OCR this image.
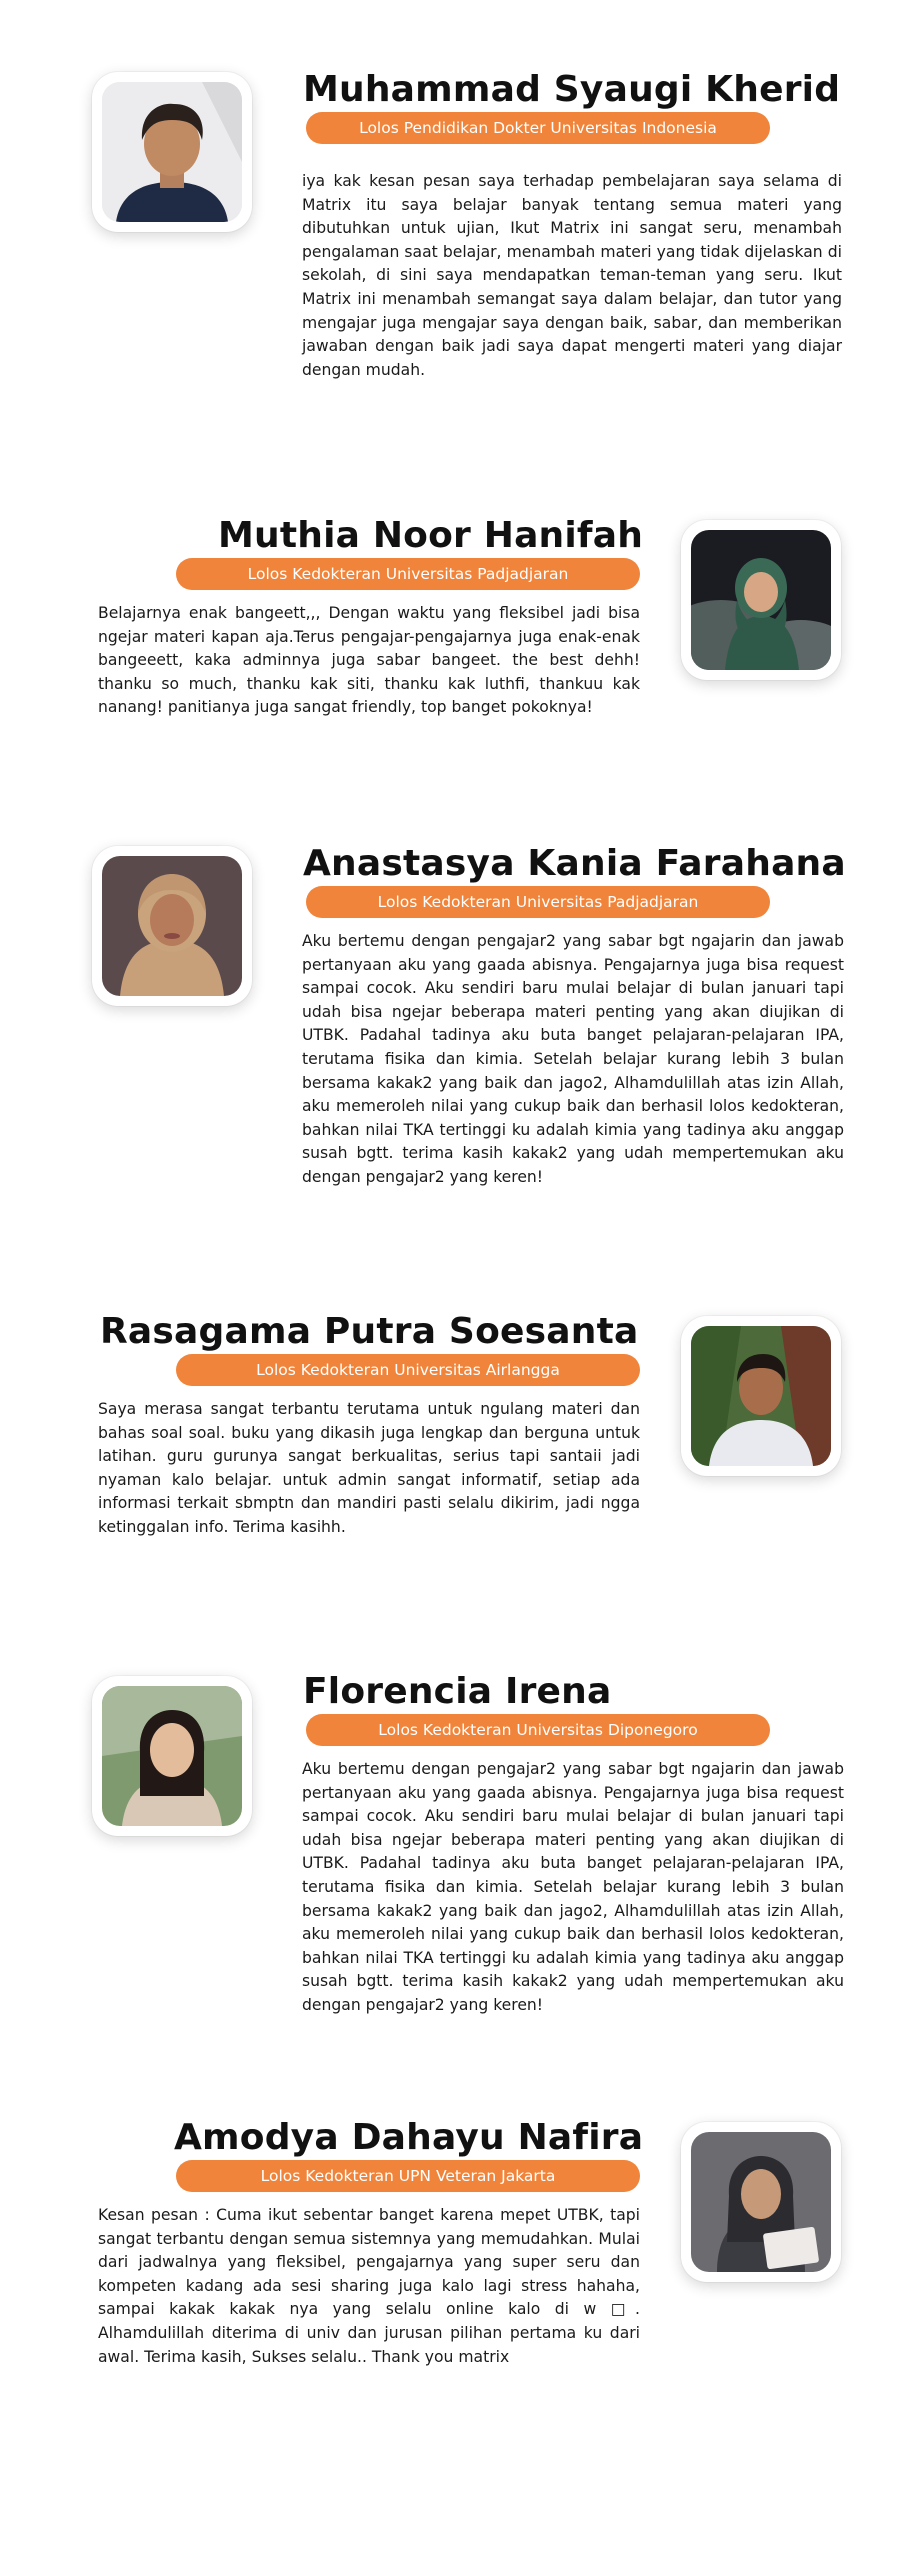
Muhammad Syaugi Kherid
Lolos Pendidikan Dokter Universitas Indonesia

iya kak kesan pesan saya terhadap pembelajaran saya selama di Matrix itu saya belajar banyak tentang semua materi yang dibutuhkan untuk ujian, Ikut Matrix ini sangat seru, menambah pengalaman saat belajar, menambah materi yang tidak dijelaskan di sekolah, di sini saya mendapatkan teman-teman yang seru. Ikut Matrix ini menambah semangat saya dalam belajar, dan tutor yang mengajar juga mengajar saya dengan baik, sabar, dan memberikan jawaban dengan baik jadi saya dapat mengerti materi yang diajar dengan mudah.

Muthia Noor Hanifah
Lolos Kedokteran Universitas Padjadjaran

Belajarnya enak bangeett,,, Dengan waktu yang fleksibel jadi bisa ngejar materi kapan aja.Terus pengajar-pengajarnya juga enak-enak bangeeett, kaka adminnya juga sabar bangeet. the best dehh! thanku so much, thanku kak siti, thanku kak luthfi, thankuu kak nanang! panitianya juga sangat friendly, top banget pokoknya!

Anastasya Kania Farahana
Lolos Kedokteran Universitas Padjadjaran

Aku bertemu dengan pengajar2 yang sabar bgt ngajarin dan jawab pertanyaan aku yang gaada abisnya. Pengajarnya juga bisa request sampai cocok. Aku sendiri baru mulai belajar di bulan januari tapi udah bisa ngejar beberapa materi penting yang akan diujikan di UTBK. Padahal tadinya aku buta banget pelajaran-pelajaran IPA, terutama fisika dan kimia. Setelah belajar kurang lebih 3 bulan bersama kakak2 yang baik dan jago2, Alhamdulillah atas izin Allah, aku memeroleh nilai yang cukup baik dan berhasil lolos kedokteran, bahkan nilai TKA tertinggi ku adalah kimia yang tadinya aku anggap susah bgtt. terima kasih kakak2 yang udah mempertemukan aku dengan pengajar2 yang keren!

Rasagama Putra Soesanta
Lolos Kedokteran Universitas Airlangga

Saya merasa sangat terbantu terutama untuk ngulang materi dan bahas soal soal. buku yang dikasih juga lengkap dan berguna untuk latihan. guru gurunya sangat berkualitas, serius tapi santaii jadi nyaman kalo belajar. untuk admin sangat informatif, setiap ada informasi terkait sbmptn dan mandiri pasti selalu dikirim, jadi ngga ketinggalan info. Terima kasihh.

Florencia Irena
Lolos Kedokteran Universitas Diponegoro

Aku bertemu dengan pengajar2 yang sabar bgt ngajarin dan jawab pertanyaan aku yang gaada abisnya. Pengajarnya juga bisa request sampai cocok. Aku sendiri baru mulai belajar di bulan januari tapi udah bisa ngejar beberapa materi penting yang akan diujikan di UTBK. Padahal tadinya aku buta banget pelajaran-pelajaran IPA, terutama fisika dan kimia. Setelah belajar kurang lebih 3 bulan bersama kakak2 yang baik dan jago2, Alhamdulillah atas izin Allah, aku memeroleh nilai yang cukup baik dan berhasil lolos kedokteran, bahkan nilai TKA tertinggi ku adalah kimia yang tadinya aku anggap susah bgtt. terima kasih kakak2 yang udah mempertemukan aku dengan pengajar2 yang keren!

Amodya Dahayu Nafira
Lolos Kedokteran UPN Veteran Jakarta

Kesan pesan : Cuma ikut sebentar banget karena mepet UTBK, tapi sangat terbantu dengan semua sistemnya yang memudahkan. Mulai dari jadwalnya yang fleksibel, pengajarnya yang super seru dan kompeten kadang ada sesi sharing juga kalo lagi stress hahaha, sampai kakak kakak nya yang selalu online kalo di w □. Alhamdulillah diterima di univ dan jurusan pilihan pertama ku dari awal. Terima kasih, Sukses selalu.. Thank you matrix
